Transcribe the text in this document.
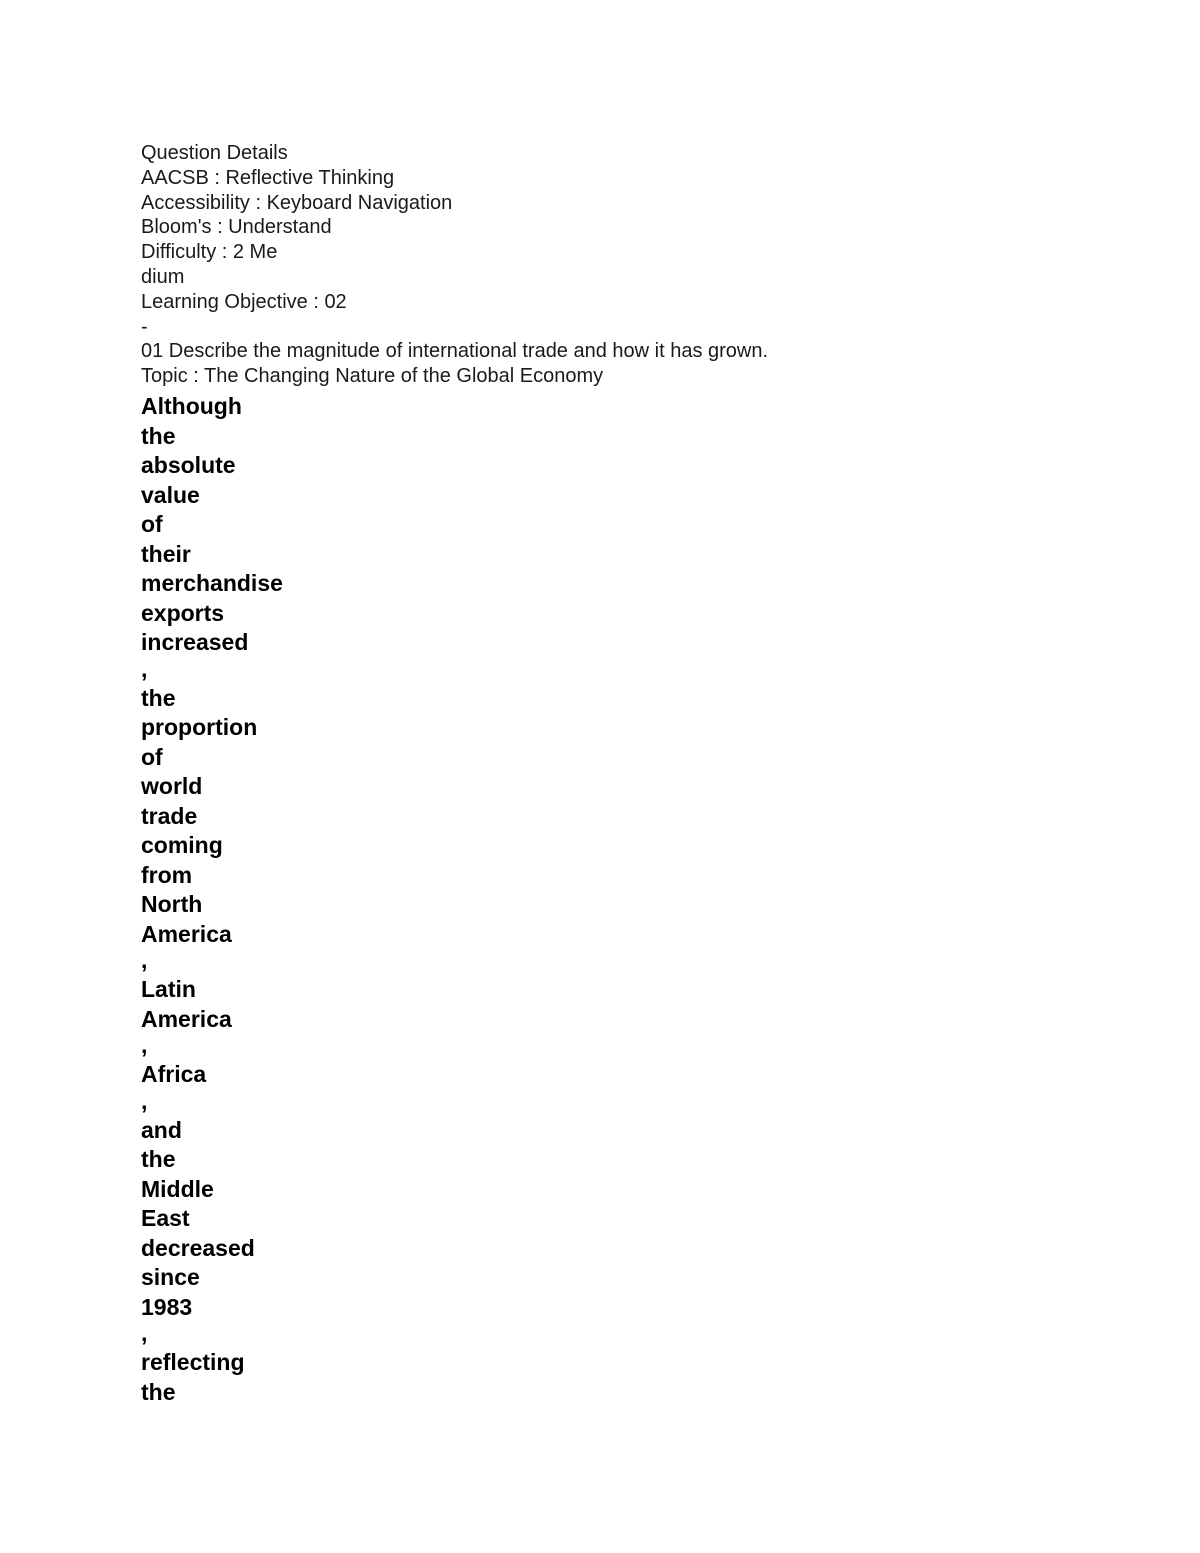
Question Details
AACSB : Reflective Thinking
Accessibility : Keyboard Navigation
Bloom's : Understand
Difficulty : 2 Me
dium
Learning Objective : 02
-
01 Describe the magnitude of international trade and how it has grown.
Topic : The Changing Nature of the Global Economy
Although
the
absolute
value
of
their
merchandise
exports
increased
,
the
proportion
of
world
trade
coming
from
North
America
,
Latin
America
,
Africa
,
and
the
Middle
East
decreased
since
1983
,
reflecting
the
